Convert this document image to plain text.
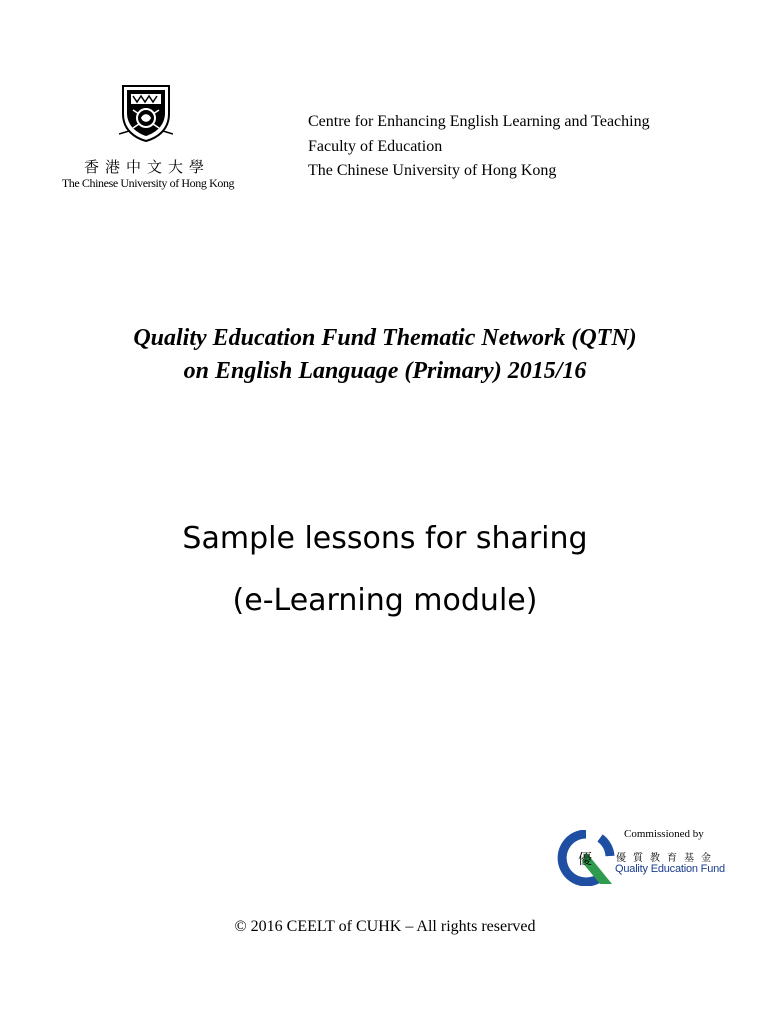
香港中文大學
The Chinese University of Hong Kong
Centre for Enhancing English Learning and Teaching
Faculty of Education
The Chinese University of Hong Kong
Quality Education Fund Thematic Network (QTN)
on English Language (Primary) 2015/16
Sample lessons for sharing
(e-Learning module)
Commissioned by
優 優質教育基金
Quality Education Fund
© 2016 CEELT of CUHK – All rights reserved
